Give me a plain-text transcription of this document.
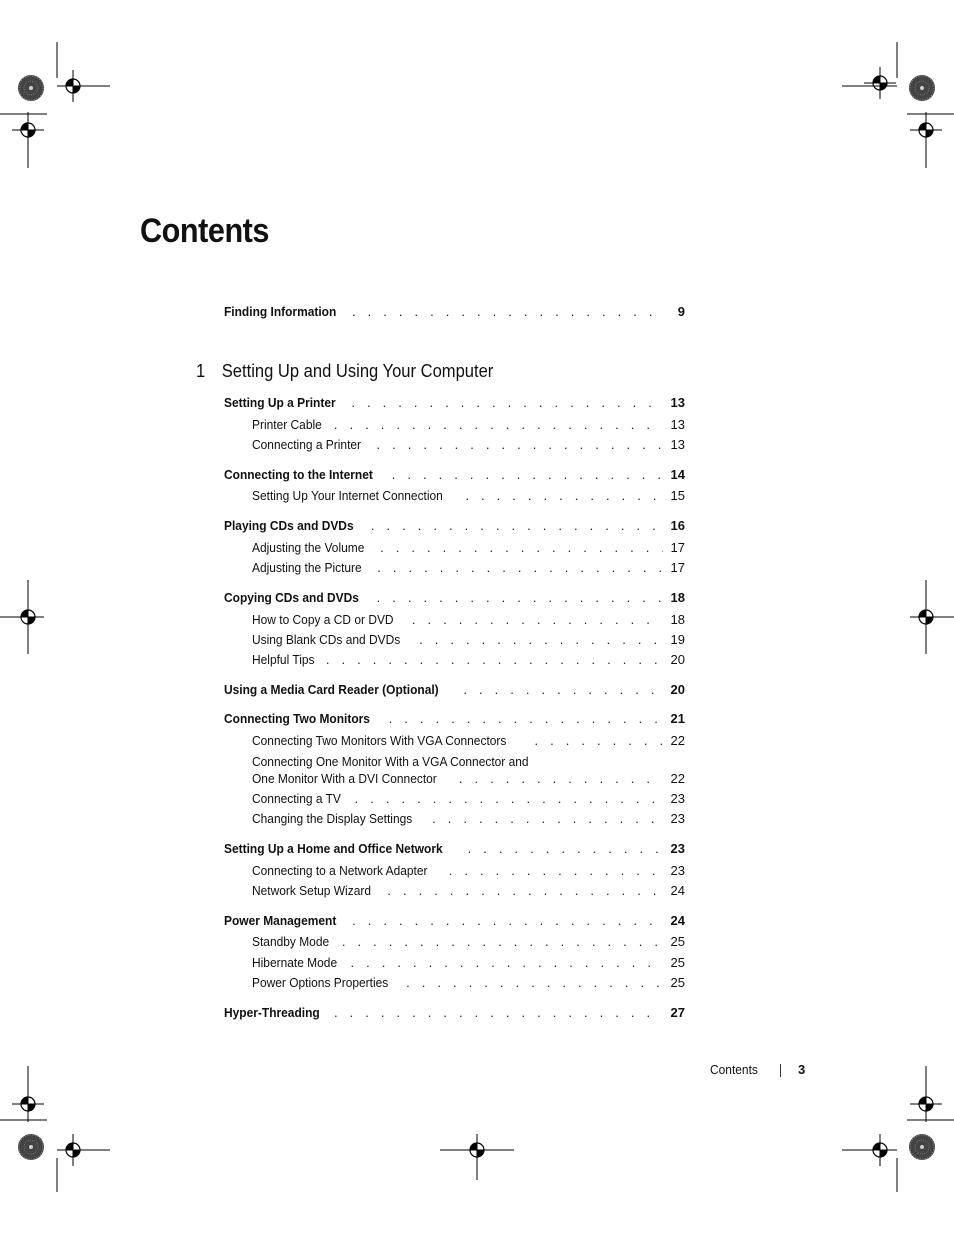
Contents
Finding Information . . .	9
1 Setting Up and Using Your Computer
Setting Up a Printer . . .	13
Printer Cable . . .	13
Connecting a Printer . . .	13
Connecting to the Internet . . .	14
Setting Up Your Internet Connection . . .	15
Playing CDs and DVDs . . .	16
Adjusting the Volume . . .	17
Adjusting the Picture . . .	17
Copying CDs and DVDs . . .	18
How to Copy a CD or DVD . . .	18
Using Blank CDs and DVDs . . .	19
Helpful Tips . . .	20
Using a Media Card Reader (Optional) . . .	20
Connecting Two Monitors . . .	21
Connecting Two Monitors With VGA Connectors . . .	22
Connecting One Monitor With a VGA Connector and
One Monitor With a DVI Connector . . .	22
Connecting a TV . . .	23
Changing the Display Settings . . .	23
Setting Up a Home and Office Network . . .	23
Connecting to a Network Adapter . . .	23
Network Setup Wizard . . .	24
Power Management . . .	24
Standby Mode . . .	25
Hibernate Mode . . .	25
Power Options Properties . . .	25
Hyper-Threading . . .	27
Contents	3
